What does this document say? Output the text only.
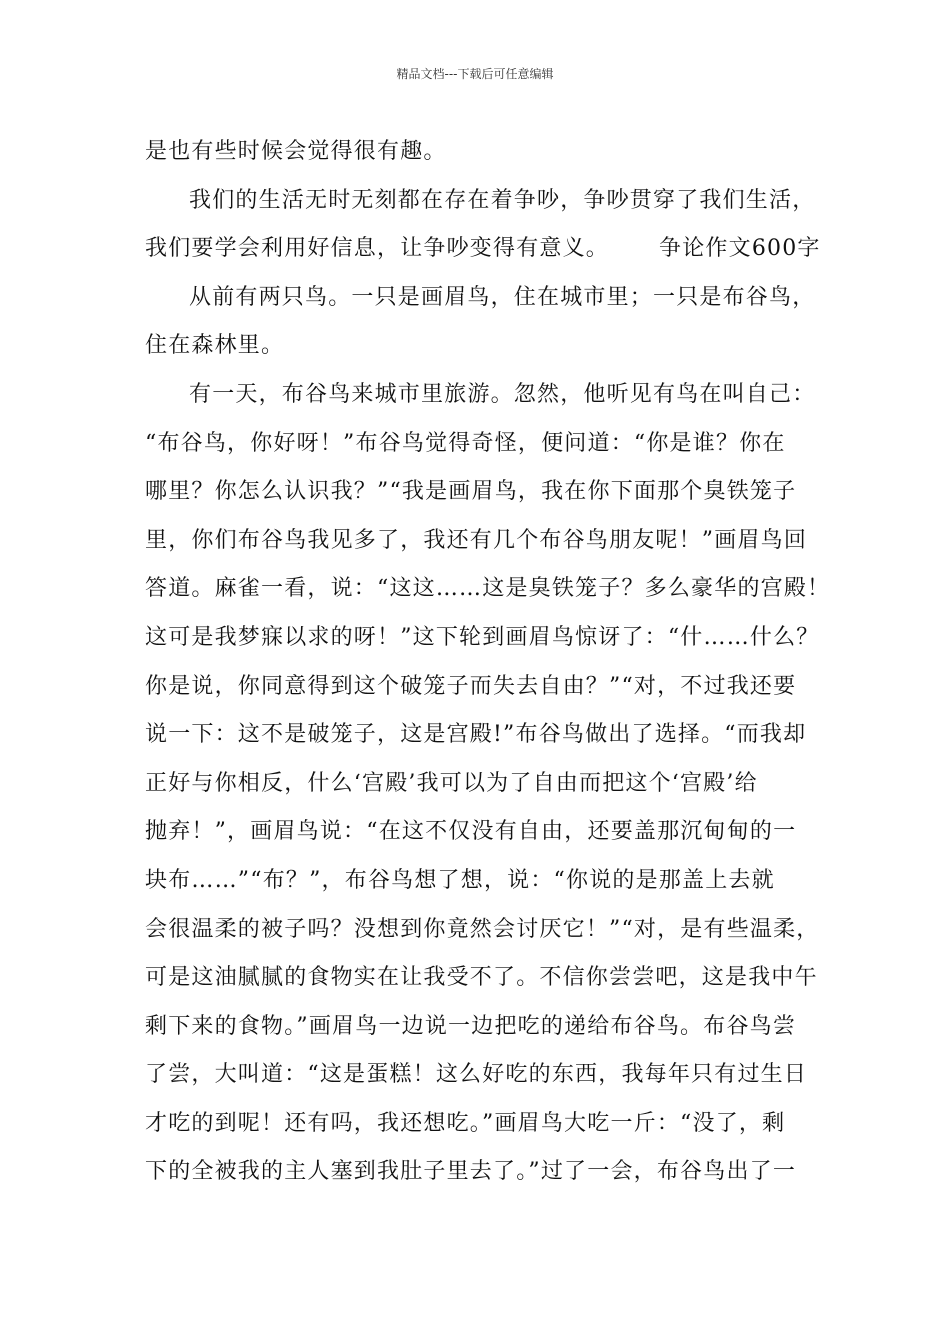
精品文档---下载后可任意编辑
是也有些时候会觉得很有趣。
我们的生活无时无刻都在存在着争吵，争吵贯穿了我们生活，
我们要学会利用好信息，让争吵变得有意义。 争论作文600字
从前有两只鸟。一只是画眉鸟，住在城市里；一只是布谷鸟，
住在森林里。
有一天，布谷鸟来城市里旅游。忽然，他听见有鸟在叫自己：
“布谷鸟，你好呀！”布谷鸟觉得奇怪，便问道：“你是谁？你在
哪里？你怎么认识我？”“我是画眉鸟，我在你下面那个臭铁笼子
里，你们布谷鸟我见多了，我还有几个布谷鸟朋友呢！”画眉鸟回
答道。麻雀一看，说：“这这……这是臭铁笼子？多么豪华的宫殿！
这可是我梦寐以求的呀！”这下轮到画眉鸟惊讶了：“什……什么？
你是说，你同意得到这个破笼子而失去自由？”“对，不过我还要
说一下：这不是破笼子，这是宫殿!”布谷鸟做出了选择。“而我却
正好与你相反，什么‘宫殿’我可以为了自由而把这个‘宫殿’给
抛弃！”，画眉鸟说：“在这不仅没有自由，还要盖那沉甸甸的一
块布……”“布？”，布谷鸟想了想，说：“你说的是那盖上去就
会很温柔的被子吗？没想到你竟然会讨厌它！”“对，是有些温柔，
可是这油腻腻的食物实在让我受不了。不信你尝尝吧，这是我中午
剩下来的食物。”画眉鸟一边说一边把吃的递给布谷鸟。布谷鸟尝
了尝，大叫道：“这是蛋糕！这么好吃的东西，我每年只有过生日
才吃的到呢！还有吗，我还想吃。”画眉鸟大吃一斤：“没了，剩
下的全被我的主人塞到我肚子里去了。”过了一会，布谷鸟出了一
